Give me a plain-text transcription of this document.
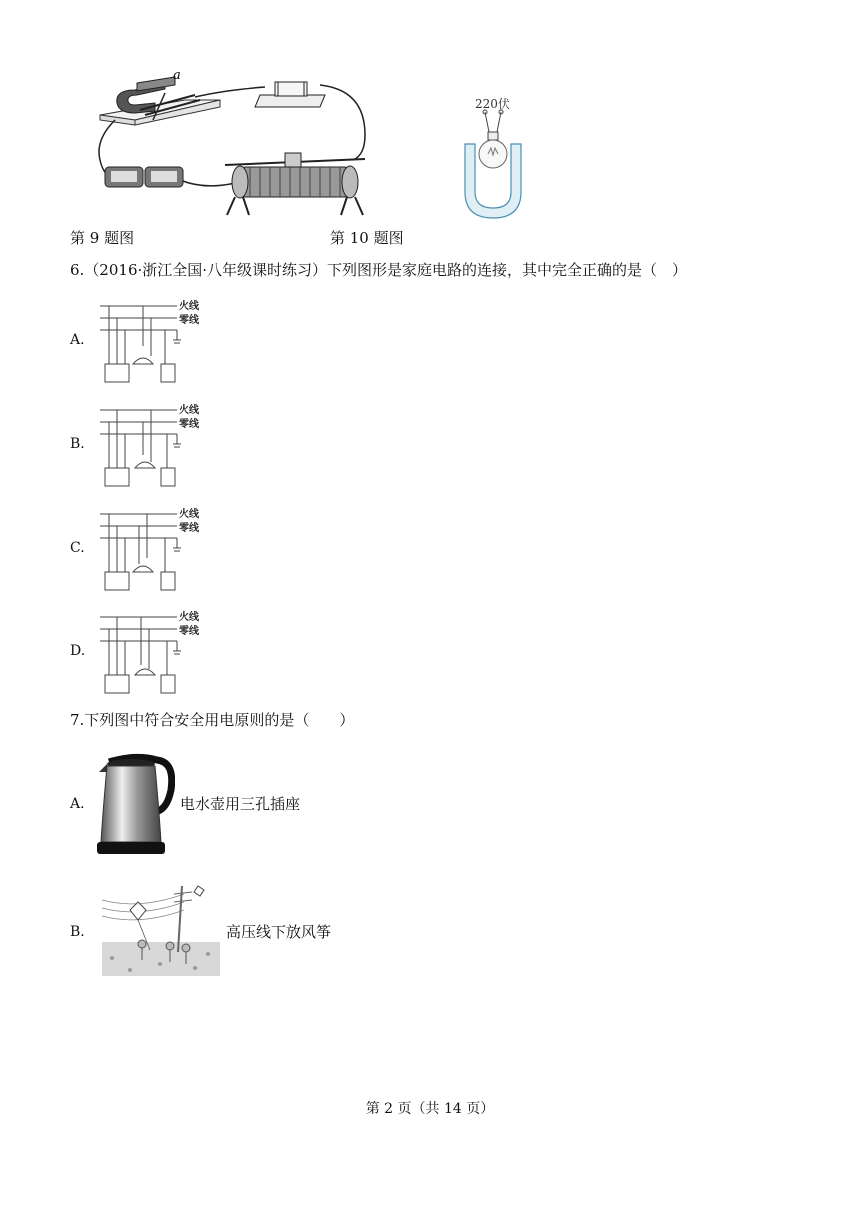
a
220伏
第 9 题图	第 10 题图
6.（2016·浙江全国·八年级课时练习）下列图形是家庭电路的连接，其中完全正确的是（　）
A.
火线
零线
B.
火线
零线
C.
火线
零线
D.
火线
零线
7.下列图中符合安全用电原则的是（　　）
A.	电水壶用三孔插座
B.	高压线下放风筝
第 2 页（共 14 页）
